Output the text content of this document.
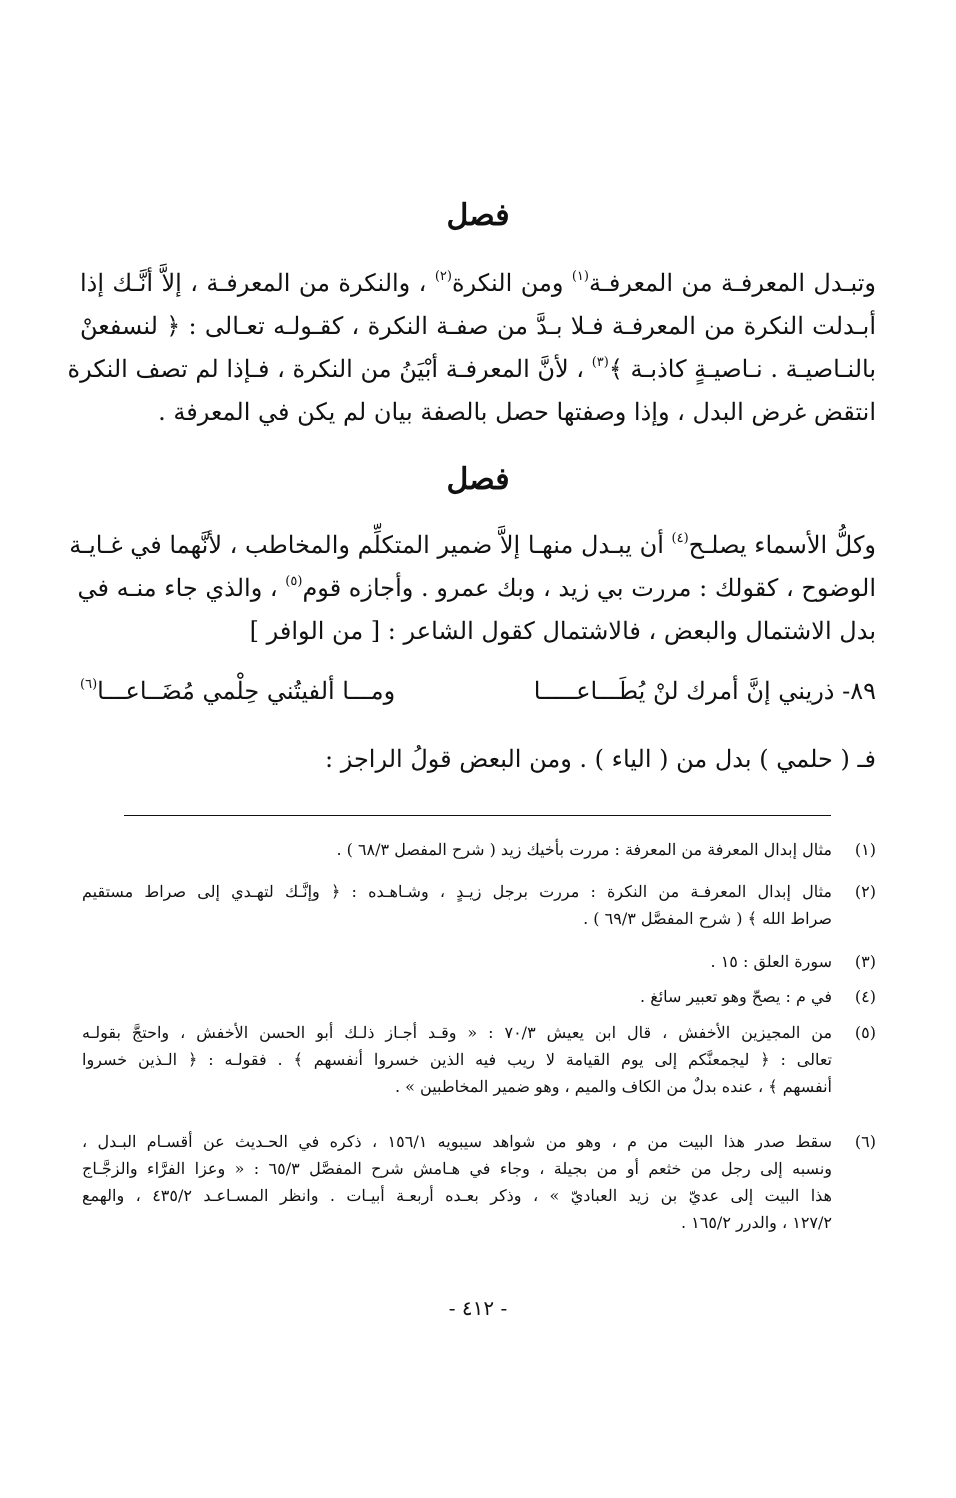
فصل
وتبـدل المعرفـة من المعرفـة$^{(١)}$ ومن النكرة$^{(٢)}$ ، والنكرة من المعرفـة ، إلاَّ أنَّـك إذا
أبـدلت النكرة من المعرفـة فـلا بـدَّ من صفـة النكرة ، كقـولـه تعـالى : ﴿ لنسفعنْ
بالنـاصيـة . نـاصيـةٍ كاذبـة ﴾$^{(٣)}$ ، لأنَّ المعرفـة أبْيَنُ من النكرة ، فـإذا لم تصف النكرة
انتقض غرض البدل ، وإذا وصفتها حصل بالصفة بيان لم يكن في المعرفة .
فصل
وكلُّ الأسماء يصلـح$^{(٤)}$ أن يبـدل منهـا إلاَّ ضمير المتكلِّم والمخاطب ، لأنَّهما في غـايـة
الوضوح ، كقولك : مررت بي زيد ، وبك عمرو . وأجازه قوم$^{(٥)}$ ، والذي جاء منـه في
بدل الاشتمال والبعض ، فالاشتمال كقول الشاعر : [ من الوافر ]
٨٩- ذريني إنَّ أمرك لنْ يُطَـــاعـــــا
ومـــا ألفيتُني حِلْمي مُضَــاعـــا$^{(٦)}$
فـ ( حلمي ) بدل من ( الياء ) . ومن البعض قولُ الراجز :
(١)
مثال إبدال المعرفة من المعرفة : مررت بأخيك زيد ( شرح المفصل ٦٨/٣ ) .
(٢)
مثال إبدال المعرفـة من النكرة : مررت برجل زيـدٍ ، وشـاهـده : ﴿ وإنَّـك لتهـدي إلى صراط مستقيم
صراط الله ﴾ ( شرح المفصَّل ٦٩/٣ ) .
(٣)
سورة العلق : ١٥ .
(٤)
في م : يصحّ وهو تعبير سائغ .
(٥)
من المجيزين الأخفش ، قال ابن يعيش ٧٠/٣ : « وقـد أجـاز ذلـك أبو الحسن الأخفش ، واحتجَّ بقولـه
تعالى : ﴿ ليجمعنَّكم إلى يوم القيامة لا ريب فيه الذين خسروا أنفسهم ﴾ . فقولـه : ﴿ الـذين خسروا
أنفسهم ﴾ ، عنده بدلٌ من الكاف والميم ، وهو ضمير المخاطبين » .
(٦)
سقط صدر هذا البيت من م ، وهو من شواهد سيبويه ١٥٦/١ ، ذكره في الحـديث عن أقسـام البـدل ،
ونسبه إلى رجل من خثعم أو من بجيلة ، وجاء في هـامش شرح المفصَّل ٦٥/٣ : « وعزا الفرَّاء والزجَّـاج
هذا البيت إلى عديّ بن زيد العباديّ » ، وذكر بعـده أربعـة أبيـات . وانظر المسـاعـد ٤٣٥/٢ ، والهمع
١٢٧/٢ ، والدرر ١٦٥/٢ .
- ٤١٢ -
